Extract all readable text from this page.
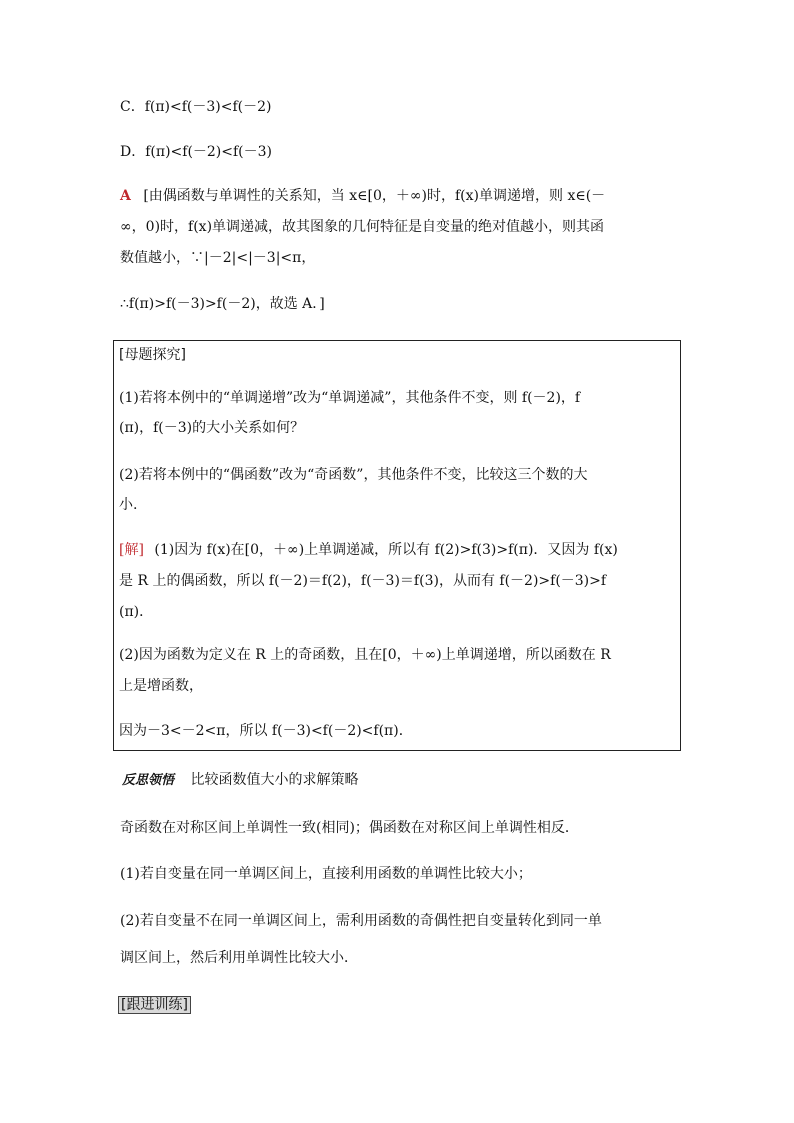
C．f(π)<f(－3)<f(－2)
D．f(π)<f(－2)<f(－3)
A [由偶函数与单调性的关系知，当 x∈[0，＋∞)时，f(x)单调递增，则 x∈(－
∞，0)时，f(x)单调递减，故其图象的几何特征是自变量的绝对值越小，则其函
数值越小，∵|－2|<|－3|<π，
∴f(π)>f(－3)>f(－2)，故选 A．]
[母题探究]
(1)若将本例中的“单调递增”改为“单调递减”，其他条件不变，则 f(－2)，f
(π)，f(－3)的大小关系如何？
(2)若将本例中的“偶函数”改为“奇函数”，其他条件不变，比较这三个数的大
小.
[解] (1)因为 f(x)在[0，＋∞)上单调递减，所以有 f(2)>f(3)>f(π)．又因为 f(x)
是 R 上的偶函数，所以 f(－2)＝f(2)，f(－3)＝f(3)，从而有 f(－2)>f(－3)>f
(π)．
(2)因为函数为定义在 R 上的奇函数，且在[0，＋∞)上单调递增，所以函数在 R
上是增函数，
因为－3<－2<π，所以 f(－3)<f(－2)<f(π)．
反思领悟 比较函数值大小的求解策略
奇函数在对称区间上单调性一致(相同)；偶函数在对称区间上单调性相反．
(1)若自变量在同一单调区间上，直接利用函数的单调性比较大小；
(2)若自变量不在同一单调区间上，需利用函数的奇偶性把自变量转化到同一单
调区间上，然后利用单调性比较大小．
[跟进训练]
